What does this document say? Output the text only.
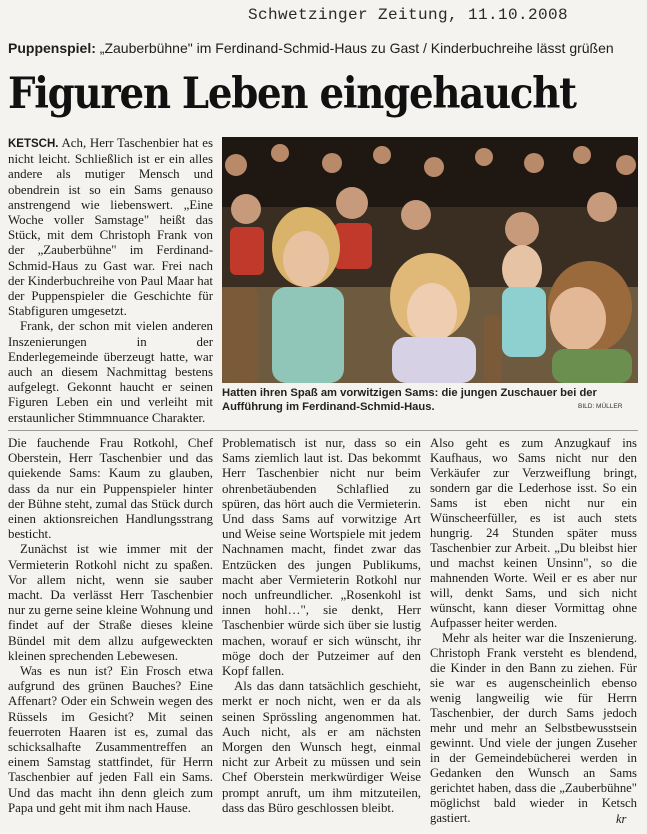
Schwetzinger Zeitung, 11.10.2008
Puppenspiel: „Zauberbühne" im Ferdinand-Schmid-Haus zu Gast / Kinderbuchreihe lässt grüßen
Figuren Leben eingehaucht

KETSCH. Ach, Herr Taschenbier hat es nicht leicht. Schließlich ist er ein alles andere als mutiger Mensch und obendrein ist so ein Sams genauso anstrengend wie liebenswert. „Eine Woche voller Samstage" heißt das Stück, mit dem Christoph Frank von der „Zauberbühne" im Ferdinand-Schmid-Haus zu Gast war. Frei nach der Kinderbuchreihe von Paul Maar hat der Puppenspieler die Geschichte für Stabfiguren umgesetzt.

Frank, der schon mit vielen anderen Inszenierungen in der Enderlegemeinde überzeugt hatte, war auch an diesem Nachmittag bestens aufgelegt. Gekonnt haucht er seinen Figuren Leben ein und verleiht mit erstaunlicher Stimmnuance Charakter.

Hatten ihren Spaß am vorwitzigen Sams: die jungen Zuschauer bei der Aufführung im Ferdinand-Schmid-Haus.	BILD: MÜLLER

Die fauchende Frau Rotkohl, Chef Oberstein, Herr Taschenbier und das quiekende Sams: Kaum zu glauben, dass da nur ein Puppenspieler hinter der Bühne steht, zumal das Stück durch einen aktionsreichen Handlungsstrang besticht.

Zunächst ist wie immer mit der Vermieterin Rotkohl nicht zu spaßen. Vor allem nicht, wenn sie sauber macht. Da verlässt Herr Taschenbier nur zu gerne seine kleine Wohnung und findet auf der Straße dieses kleine Bündel mit dem allzu aufgeweckten kleinen sprechenden Lebewesen.

Was es nun ist? Ein Frosch etwa aufgrund des grünen Bauches? Eine Affenart? Oder ein Schwein wegen des Rüssels im Gesicht? Mit seinen feuerroten Haaren ist es, zumal das schicksalhafte Zusammentreffen an einem Samstag stattfindet, für Herrn Taschenbier auf jeden Fall ein Sams. Und das macht ihn denn gleich zum Papa und geht mit ihm nach Hause.

Problematisch ist nur, dass so ein Sams ziemlich laut ist. Das bekommt Herr Taschenbier nicht nur beim ohrenbetäubenden Schlaflied zu spüren, das hört auch die Vermieterin. Und dass Sams auf vorwitzige Art und Weise seine Wortspiele mit jedem Nachnamen macht, findet zwar das Entzücken des jungen Publikums, macht aber Vermieterin Rotkohl nur noch unfreundlicher. „Rosenkohl ist innen hohl…", sie denkt, Herr Taschenbier würde sich über sie lustig machen, worauf er sich wünscht, ihr möge doch der Putzeimer auf den Kopf fallen.

Als das dann tatsächlich geschieht, merkt er noch nicht, wen er da als seinen Sprössling angenommen hat. Auch nicht, als er am nächsten Morgen den Wunsch hegt, einmal nicht zur Arbeit zu müssen und sein Chef Oberstein merkwürdiger Weise prompt anruft, um ihm mitzuteilen, dass das Büro geschlossen bleibt.

Also geht es zum Anzugkauf ins Kaufhaus, wo Sams nicht nur den Verkäufer zur Verzweiflung bringt, sondern gar die Lederhose isst. So ein Sams ist eben nicht nur ein Wünscheerfüller, es ist auch stets hungrig. 24 Stunden später muss Taschenbier zur Arbeit. „Du bleibst hier und machst keinen Unsinn", so die mahnenden Worte. Weil er es aber nur will, denkt Sams, und sich nicht wünscht, kann dieser Vormittag ohne Aufpasser heiter werden.

Mehr als heiter war die Inszenierung. Christoph Frank versteht es blendend, die Kinder in den Bann zu ziehen. Für sie war es augenscheinlich ebenso wenig langweilig wie für Herrn Taschenbier, der durch Sams jedoch mehr und mehr an Selbstbewusstsein gewinnt. Und viele der jungen Zuseher in der Gemeindebücherei werden in Gedanken den Wunsch an Sams gerichtet haben, dass die „Zauberbühne" möglichst bald wieder in Ketsch gastiert.	kr
